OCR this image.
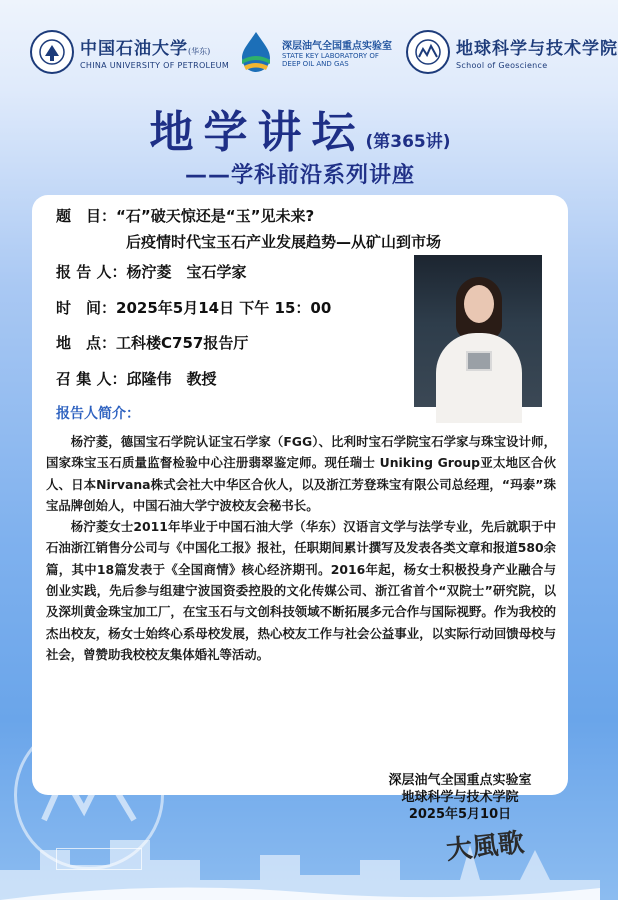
中国石油大学(华东)
CHINA UNIVERSITY OF PETROLEUM
深层油气全国重点实验室
STATE KEY LABORATORY OF
DEEP OIL AND GAS
地球科学与技术学院
School of Geoscience
地学讲坛(第365讲)
——学科前沿系列讲座
题　目：“石”破天惊还是“玉”见未来?
后疫情时代宝玉石产业发展趋势—从矿山到市场
报 告 人：杨泞菱　宝石学家
时　间：2025年5月14日 下午 15：00
地　点：工科楼C757报告厅
召 集 人：邱隆伟　教授
报告人简介：

杨泞菱，德国宝石学院认证宝石学家（FGG）、比利时宝石学院宝石学家与珠宝设计师，国家珠宝玉石质量监督检验中心注册翡翠鉴定师。现任瑞士 Uniking Group亚太地区合伙人、日本Nirvana株式会社大中华区合伙人，以及浙江芳登珠宝有限公司总经理，“玛泰”珠宝品牌创始人，中国石油大学宁波校友会秘书长。

杨泞菱女士2011年毕业于中国石油大学（华东）汉语言文学与法学专业，先后就职于中石油浙江销售分公司与《中国化工报》报社，任职期间累计撰写及发表各类文章和报道580余篇，其中18篇发表于《全国商情》核心经济期刊。2016年起，杨女士积极投身产业融合与创业实践，先后参与组建宁波国资委控股的文化传媒公司、浙江省首个“双院士”研究院，以及深圳黄金珠宝加工厂，在宝玉石与文创科技领域不断拓展多元合作与国际视野。作为我校的杰出校友，杨女士始终心系母校发展，热心校友工作与社会公益事业，以实际行动回馈母校与社会，曾赞助我校校友集体婚礼等活动。

大風歌
深层油气全国重点实验室
地球科学与技术学院
2025年5月10日
